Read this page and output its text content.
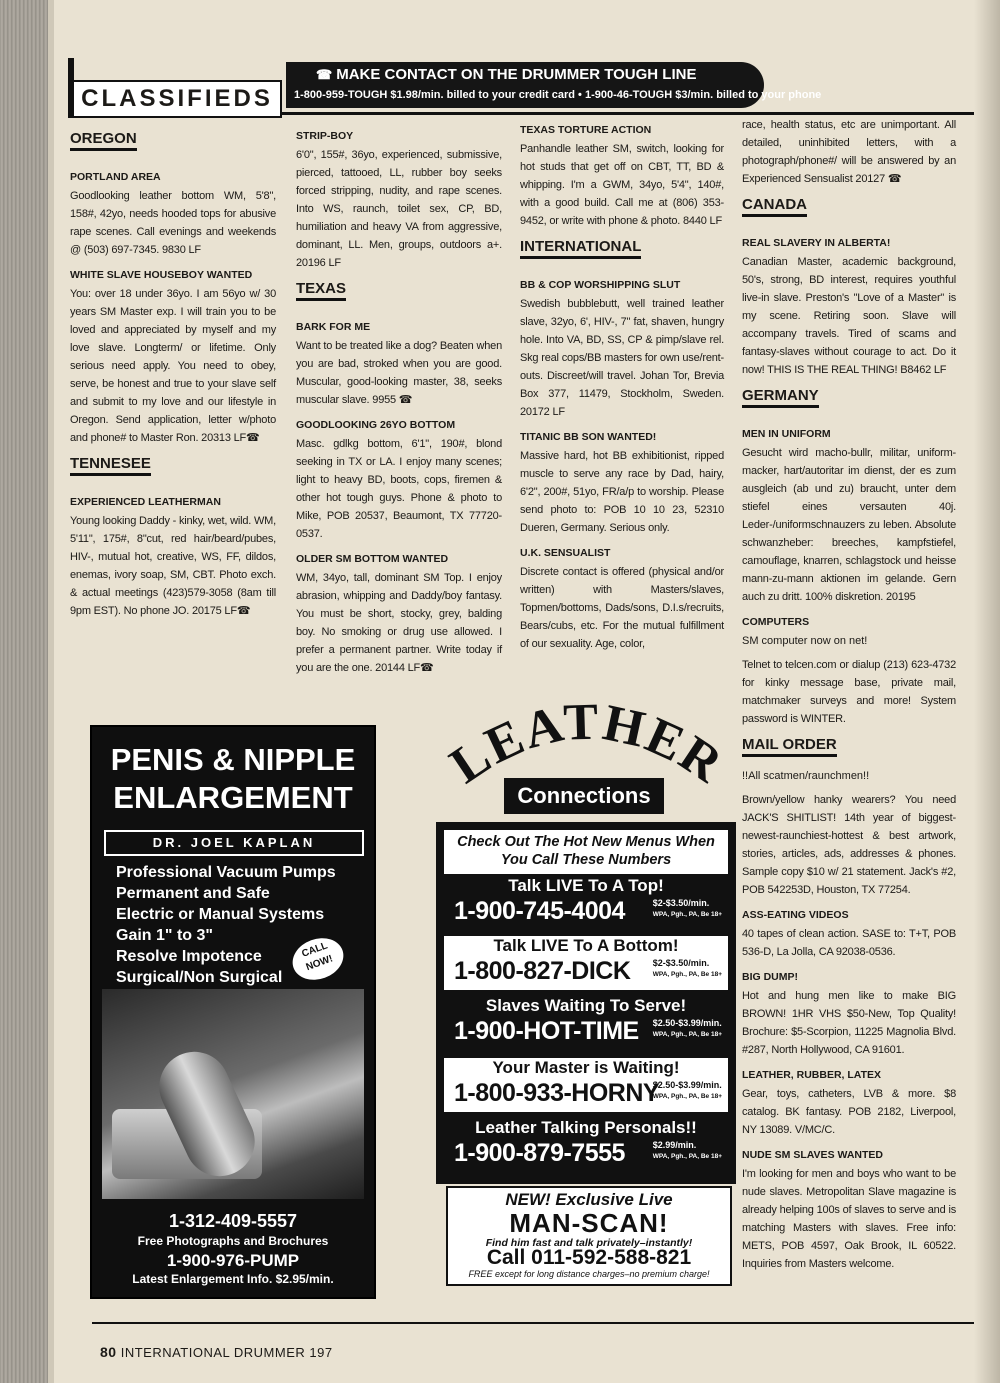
CLASSIFIEDS
☎ MAKE CONTACT ON THE DRUMMER TOUGH LINE
1-800-959-TOUGH $1.98/min. billed to your credit card • 1-900-46-TOUGH $3/min. billed to your phone
OREGON
PORTLAND AREA
Goodlooking leather bottom WM, 5'8", 158#, 42yo, needs hooded tops for abusive rape scenes. Call evenings and weekends @ (503) 697-7345. 9830 LF
WHITE SLAVE HOUSEBOY WANTED
You: over 18 under 36yo. I am 56yo w/ 30 years SM Master exp. I will train you to be loved and appreciated by myself and my love slave. Longterm/ or lifetime. Only serious need apply. You need to obey, serve, be honest and true to your slave self and submit to my love and our lifestyle in Oregon. Send application, letter w/photo and phone# to Master Ron. 20313 LF☎
TENNESEE
EXPERIENCED LEATHERMAN
Young looking Daddy - kinky, wet, wild. WM, 5'11", 175#, 8"cut, red hair/beard/pubes, HIV-, mutual hot, creative, WS, FF, dildos, enemas, ivory soap, SM, CBT. Photo exch. & actual meetings (423)579-3058 (8am till 9pm EST). No phone JO. 20175 LF☎
STRIP-BOY
6'0", 155#, 36yo, experienced, submissive, pierced, tattooed, LL, rubber boy seeks forced stripping, nudity, and rape scenes. Into WS, raunch, toilet sex, CP, BD, humiliation and heavy VA from aggressive, dominant, LL. Men, groups, outdoors a+. 20196 LF
TEXAS
BARK FOR ME
Want to be treated like a dog? Beaten when you are bad, stroked when you are good. Muscular, good-looking master, 38, seeks muscular slave. 9955 ☎
GOODLOOKING 26YO BOTTOM
Masc. gdlkg bottom, 6'1", 190#, blond seeking in TX or LA. I enjoy many scenes; light to heavy BD, boots, cops, firemen & other hot tough guys. Phone & photo to Mike, POB 20537, Beaumont, TX 77720-0537.
OLDER SM BOTTOM WANTED
WM, 34yo, tall, dominant SM Top. I enjoy abrasion, whipping and Daddy/boy fantasy. You must be short, stocky, grey, balding boy. No smoking or drug use allowed. I prefer a permanent partner. Write today if you are the one. 20144 LF☎
TEXAS TORTURE ACTION
Panhandle leather SM, switch, looking for hot studs that get off on CBT, TT, BD & whipping. I'm a GWM, 34yo, 5'4", 140#, with a good build. Call me at (806) 353-9452, or write with phone & photo. 8440 LF
INTERNATIONAL
BB & COP WORSHIPPING SLUT
Swedish bubblebutt, well trained leather slave, 32yo, 6', HIV-, 7" fat, shaven, hungry hole. Into VA, BD, SS, CP & pimp/slave rel. Skg real cops/BB masters for own use/rent-outs. Discreet/will travel. Johan Tor, Brevia Box 377, 11479, Stockholm, Sweden. 20172 LF
TITANIC BB SON WANTED!
Massive hard, hot BB exhibitionist, ripped muscle to serve any race by Dad, hairy, 6'2", 200#, 51yo, FR/a/p to worship. Please send photo to: POB 10 10 23, 52310 Dueren, Germany. Serious only.
U.K. SENSUALIST
Discrete contact is offered (physical and/or written) with Masters/slaves, Topmen/bottoms, Dads/sons, D.I.s/recruits, Bears/cubs, etc. For the mutual fulfillment of our sexuality. Age, color,
race, health status, etc are unimportant. All detailed, uninhibited letters, with a photograph/phone#/ will be answered by an Experienced Sensualist 20127 ☎
CANADA
REAL SLAVERY IN ALBERTA!
Canadian Master, academic background, 50's, strong, BD interest, requires youthful live-in slave. Preston's "Love of a Master" is my scene. Retiring soon. Slave will accompany travels. Tired of scams and fantasy-slaves without courage to act. Do it now! THIS IS THE REAL THING! B8462 LF
GERMANY
MEN IN UNIFORM
Gesucht wird macho-bullr, militar, uniform-macker, hart/autoritar im dienst, der es zum ausgleich (ab und zu) braucht, unter dem stiefel eines versauten 40j. Leder-/uniformschnauzers zu leben. Absolute schwanzheber: breeches, kampfstiefel, camouflage, knarren, schlagstock und heisse mann-zu-mann aktionen im gelande. Gern auch zu dritt. 100% diskretion. 20195
COMPUTERS
SM computer now on net!
Telnet to telcen.com or dialup (213) 623-4732 for kinky message base, private mail, matchmaker surveys and more! System password is WINTER.
MAIL ORDER
!!All scatmen/raunchmen!!
Brown/yellow hanky wearers? You need JACK'S SHITLIST! 14th year of biggest-newest-raunchiest-hottest & best artwork, stories, articles, ads, addresses & phones. Sample copy $10 w/ 21 statement. Jack's #2, POB 542253D, Houston, TX 77254.
ASS-EATING VIDEOS
40 tapes of clean action. SASE to: T+T, POB 536-D, La Jolla, CA 92038-0536.
BIG DUMP!
Hot and hung men like to make BIG BROWN! 1HR VHS $50-New, Top Quality! Brochure: $5-Scorpion, 11225 Magnolia Blvd. #287, North Hollywood, CA 91601.
LEATHER, RUBBER, LATEX
Gear, toys, catheters, LVB & more. $8 catalog. BK fantasy. POB 2182, Liverpool, NY 13089. V/MC/C.
NUDE SM SLAVES WANTED
I'm looking for men and boys who want to be nude slaves. Metropolitan Slave magazine is already helping 100s of slaves to serve and is matching Masters with slaves. Free info: METS, POB 4597, Oak Brook, IL 60522. Inquiries from Masters welcome.
PENIS & NIPPLE
ENLARGEMENT
DR. JOEL KAPLAN
Professional Vacuum Pumps
Permanent and Safe
Electric or Manual Systems
Gain 1" to 3"
Resolve Impotence
Surgical/Non Surgical
CALL NOW!
1-312-409-5557
Free Photographs and Brochures
1-900-976-PUMP
Latest Enlargement Info. $2.95/min.
LEATHER
Connections
Check Out The Hot New Menus When You Call These Numbers
Talk LIVE To A Top!
1-900-745-4004	$2-$3.50/min.
WPA, Pgh., PA, Be 18+
Talk LIVE To A Bottom!
1-800-827-DICK $2-$3.50/min.
WPA, Pgh., PA, Be 18+
Slaves Waiting To Serve!
1-900-HOT-TIME $2.50-$3.99/min.
WPA, Pgh., PA, Be 18+
Your Master is Waiting!
1-800-933-HORNY
$2.50-$3.99/min.
WPA, Pgh., PA, Be 18+
Leather Talking Personals!!
1-900-879-7555	$2.99/min.
WPA, Pgh., PA, Be 18+
NEW! Exclusive Live
MAN-SCAN!
Find him fast and talk privately–instantly!
Call 011-592-588-821
FREE except for long distance charges–no premium charge!
80 INTERNATIONAL DRUMMER 197
